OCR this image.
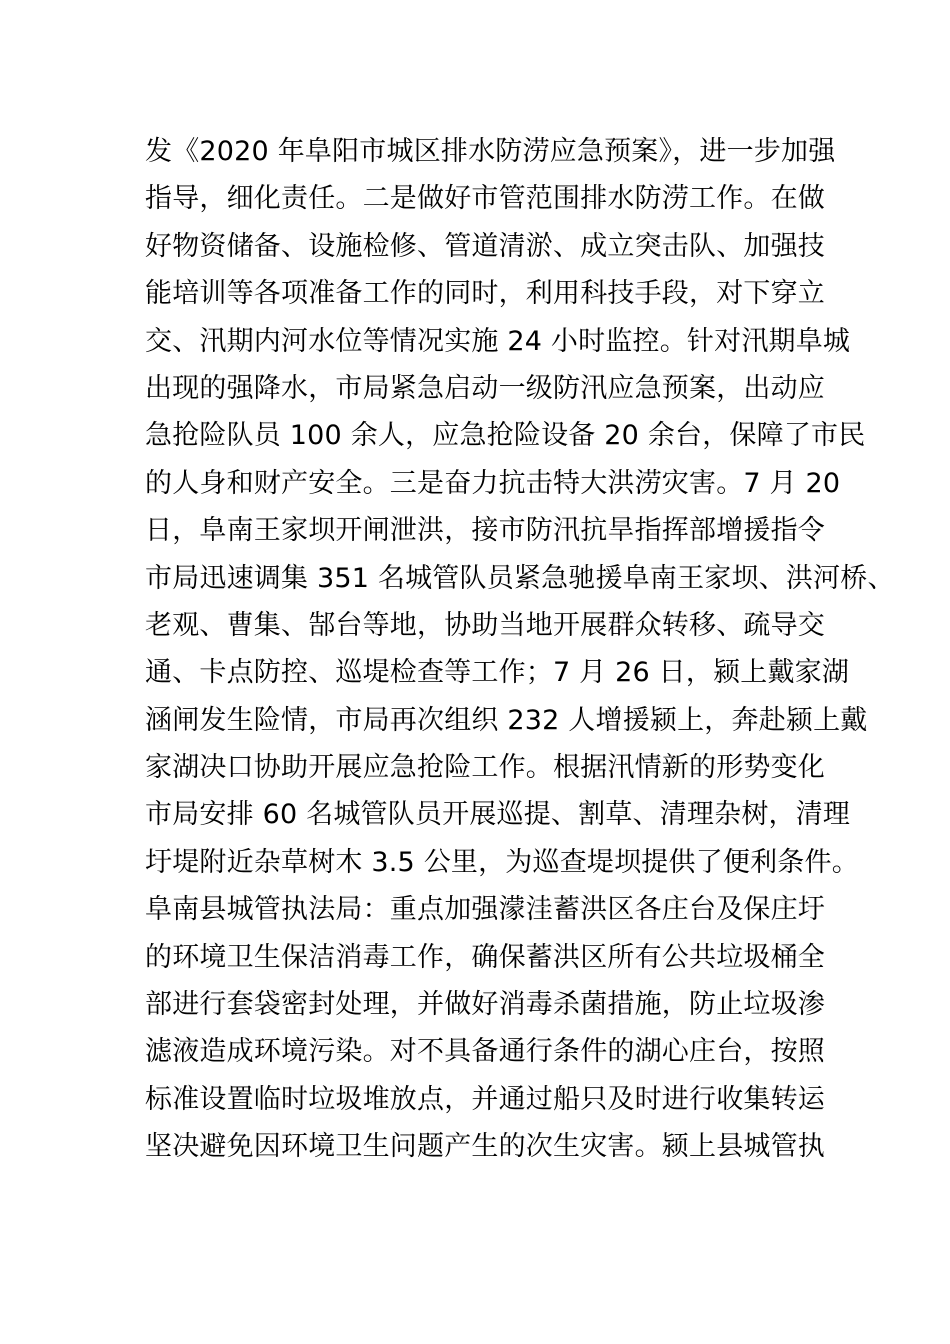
发《2020 年阜阳市城区排水防涝应急预案》，进一步加强
指导，细化责任。二是做好市管范围排水防涝工作。在做
好物资储备、设施检修、管道清淤、成立突击队、加强技
能培训等各项准备工作的同时，利用科技手段，对下穿立
交、汛期内河水位等情况实施 24 小时监控。针对汛期阜城
出现的强降水，市局紧急启动一级防汛应急预案，出动应
急抢险队员 100 余人，应急抢险设备 20 余台，保障了市民
的人身和财产安全。三是奋力抗击特大洪涝灾害。7 月 20
日，阜南王家坝开闸泄洪，接市防汛抗旱指挥部增援指令
市局迅速调集 351 名城管队员紧急驰援阜南王家坝、洪河桥、
老观、曹集、郜台等地，协助当地开展群众转移、疏导交
通、卡点防控、巡堤检查等工作；7 月 26 日，颍上戴家湖
涵闸发生险情，市局再次组织 232 人增援颍上，奔赴颍上戴
家湖决口协助开展应急抢险工作。根据汛情新的形势变化
市局安排 60 名城管队员开展巡提、割草、清理杂树，清理
圩堤附近杂草树木 3.5 公里，为巡查堤坝提供了便利条件。
阜南县城管执法局：重点加强濛洼蓄洪区各庄台及保庄圩
的环境卫生保洁消毒工作，确保蓄洪区所有公共垃圾桶全
部进行套袋密封处理，并做好消毒杀菌措施，防止垃圾渗
滤液造成环境污染。对不具备通行条件的湖心庄台，按照
标准设置临时垃圾堆放点，并通过船只及时进行收集转运
坚决避免因环境卫生问题产生的次生灾害。颍上县城管执
